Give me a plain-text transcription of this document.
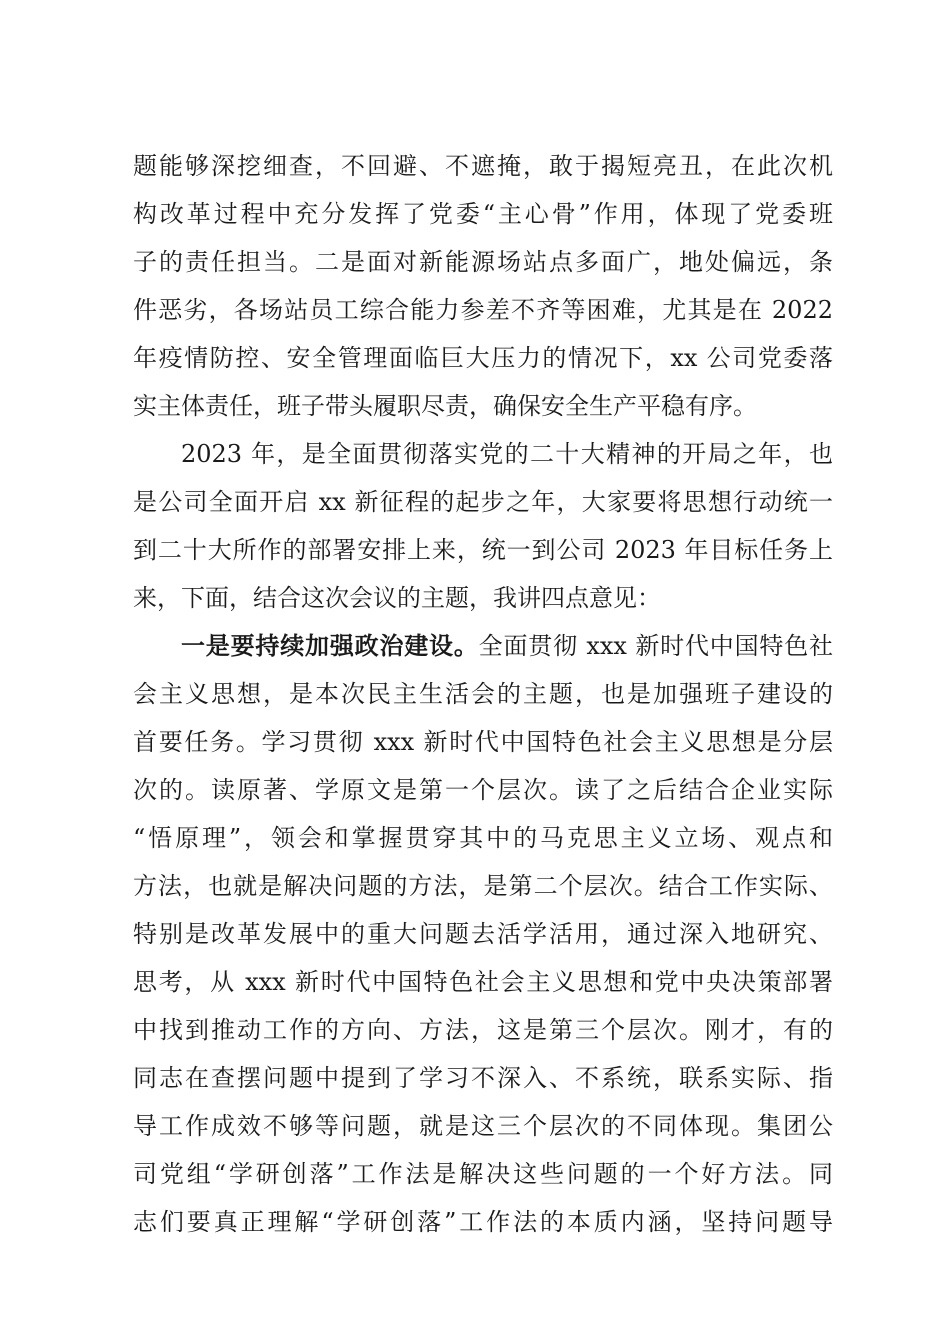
题能够深挖细查，不回避、不遮掩，敢于揭短亮丑，在此次机
构改革过程中充分发挥了党委“主心骨”作用，体现了党委班
子的责任担当。二是面对新能源场站点多面广，地处偏远，条
件恶劣，各场站员工综合能力参差不齐等困难，尤其是在 2022
年疫情防控、安全管理面临巨大压力的情况下，xx 公司党委落
实主体责任，班子带头履职尽责，确保安全生产平稳有序。
2023 年，是全面贯彻落实党的二十大精神的开局之年，也
是公司全面开启 xx 新征程的起步之年，大家要将思想行动统一
到二十大所作的部署安排上来，统一到公司 2023 年目标任务上
来，下面，结合这次会议的主题，我讲四点意见：
一是要持续加强政治建设。全面贯彻 xxx 新时代中国特色社
会主义思想，是本次民主生活会的主题，也是加强班子建设的
首要任务。学习贯彻 xxx 新时代中国特色社会主义思想是分层
次的。读原著、学原文是第一个层次。读了之后结合企业实际
“悟原理”，领会和掌握贯穿其中的马克思主义立场、观点和
方法，也就是解决问题的方法，是第二个层次。结合工作实际、
特别是改革发展中的重大问题去活学活用，通过深入地研究、
思考，从 xxx 新时代中国特色社会主义思想和党中央决策部署
中找到推动工作的方向、方法，这是第三个层次。刚才，有的
同志在查摆问题中提到了学习不深入、不系统，联系实际、指
导工作成效不够等问题，就是这三个层次的不同体现。集团公
司党组“学研创落”工作法是解决这些问题的一个好方法。同
志们要真正理解“学研创落”工作法的本质内涵，坚持问题导
